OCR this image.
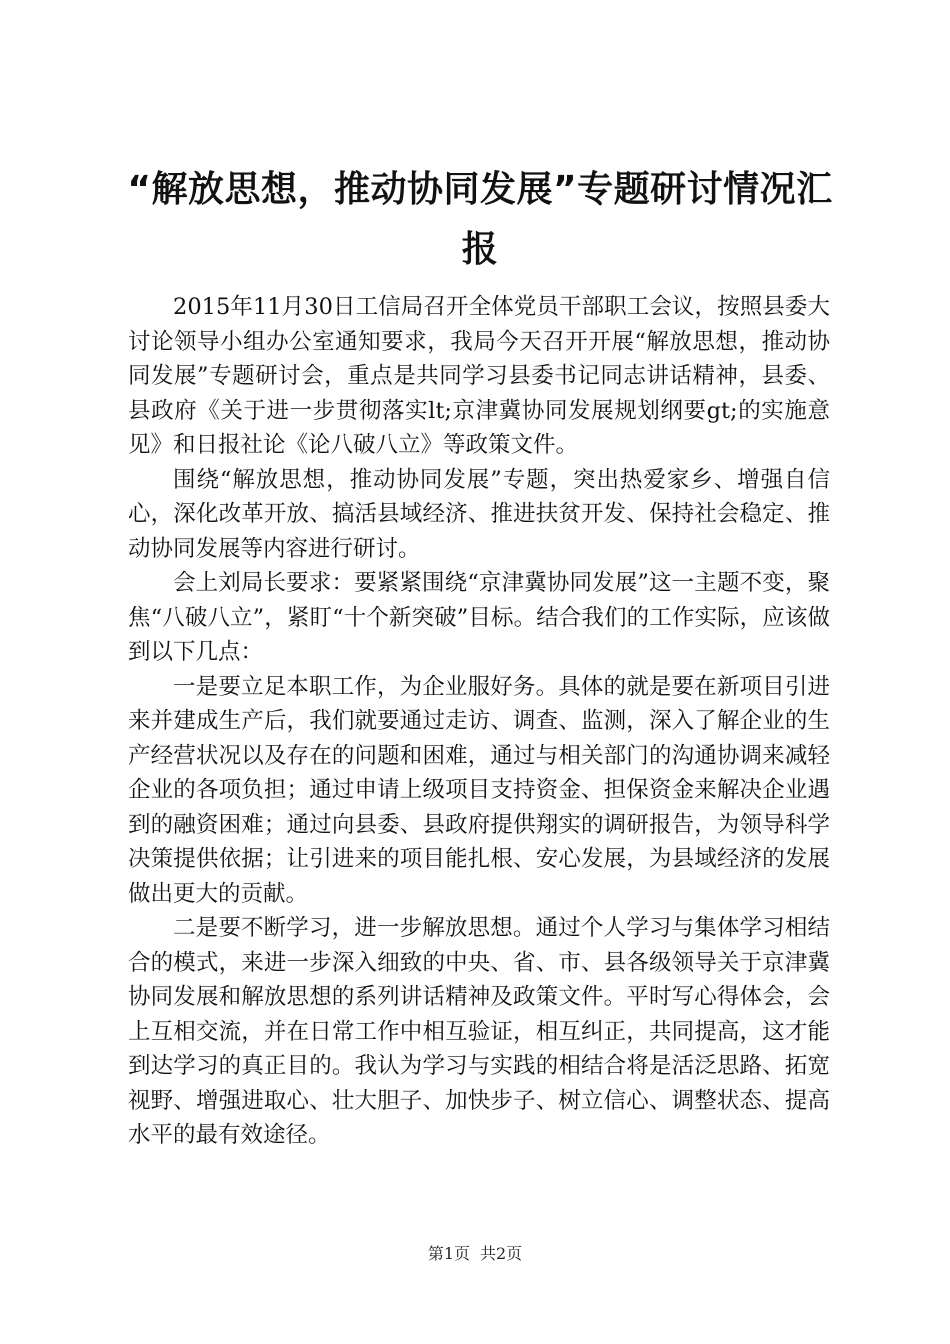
“解放思想，推动协同发展”专题研讨情况汇报

2015年11月30日工信局召开全体党员干部职工会议，按照县委大讨论领导小组办公室通知要求，我局今天召开开展“解放思想，推动协同发展”专题研讨会，重点是共同学习县委书记同志讲话精神，县委、县政府《关于进一步贯彻落实lt;京津冀协同发展规划纲要gt;的实施意见》和日报社论《论八破八立》等政策文件。

围绕“解放思想，推动协同发展”专题，突出热爱家乡、增强自信心，深化改革开放、搞活县域经济、推进扶贫开发、保持社会稳定、推动协同发展等内容进行研讨。

会上刘局长要求：要紧紧围绕“京津冀协同发展”这一主题不变，聚焦“八破八立”，紧盯“十个新突破”目标。结合我们的工作实际，应该做到以下几点：

一是要立足本职工作，为企业服好务。具体的就是要在新项目引进来并建成生产后，我们就要通过走访、调查、监测，深入了解企业的生产经营状况以及存在的问题和困难，通过与相关部门的沟通协调来减轻企业的各项负担；通过申请上级项目支持资金、担保资金来解决企业遇到的融资困难；通过向县委、县政府提供翔实的调研报告，为领导科学决策提供依据；让引进来的项目能扎根、安心发展，为县域经济的发展做出更大的贡献。

二是要不断学习，进一步解放思想。通过个人学习与集体学习相结合的模式，来进一步深入细致的中央、省、市、县各级领导关于京津冀协同发展和解放思想的系列讲话精神及政策文件。平时写心得体会，会上互相交流，并在日常工作中相互验证，相互纠正，共同提高，这才能到达学习的真正目的。我认为学习与实践的相结合将是活泛思路、拓宽视野、增强进取心、壮大胆子、加快步子、树立信心、调整状态、提高水平的最有效途径。

第1页 共2页
